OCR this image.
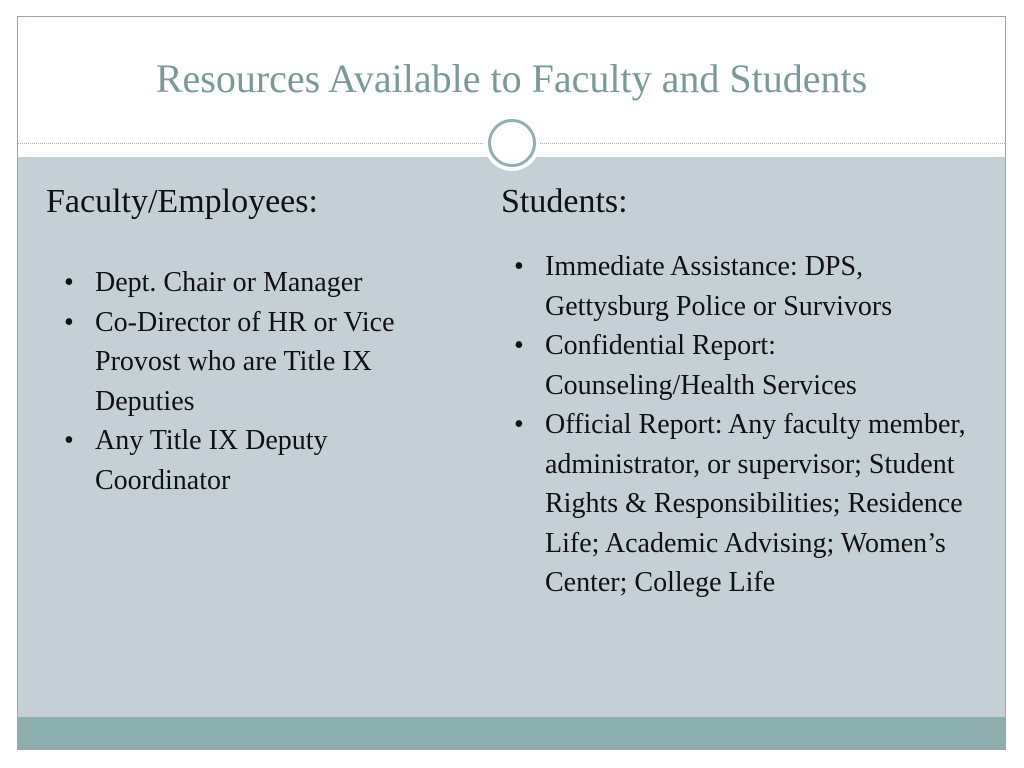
Resources Available to Faculty and Students
Faculty/Employees:
• Dept. Chair or Manager
• Co-Director of HR or Vice Provost who are Title IX Deputies
• Any Title IX Deputy Coordinator
Students:
• Immediate Assistance: DPS, Gettysburg Police or Survivors
• Confidential Report: Counseling/Health Services
• Official Report: Any faculty member, administrator, or supervisor; Student Rights & Responsibilities; Residence Life; Academic Advising; Women’s Center; College Life
